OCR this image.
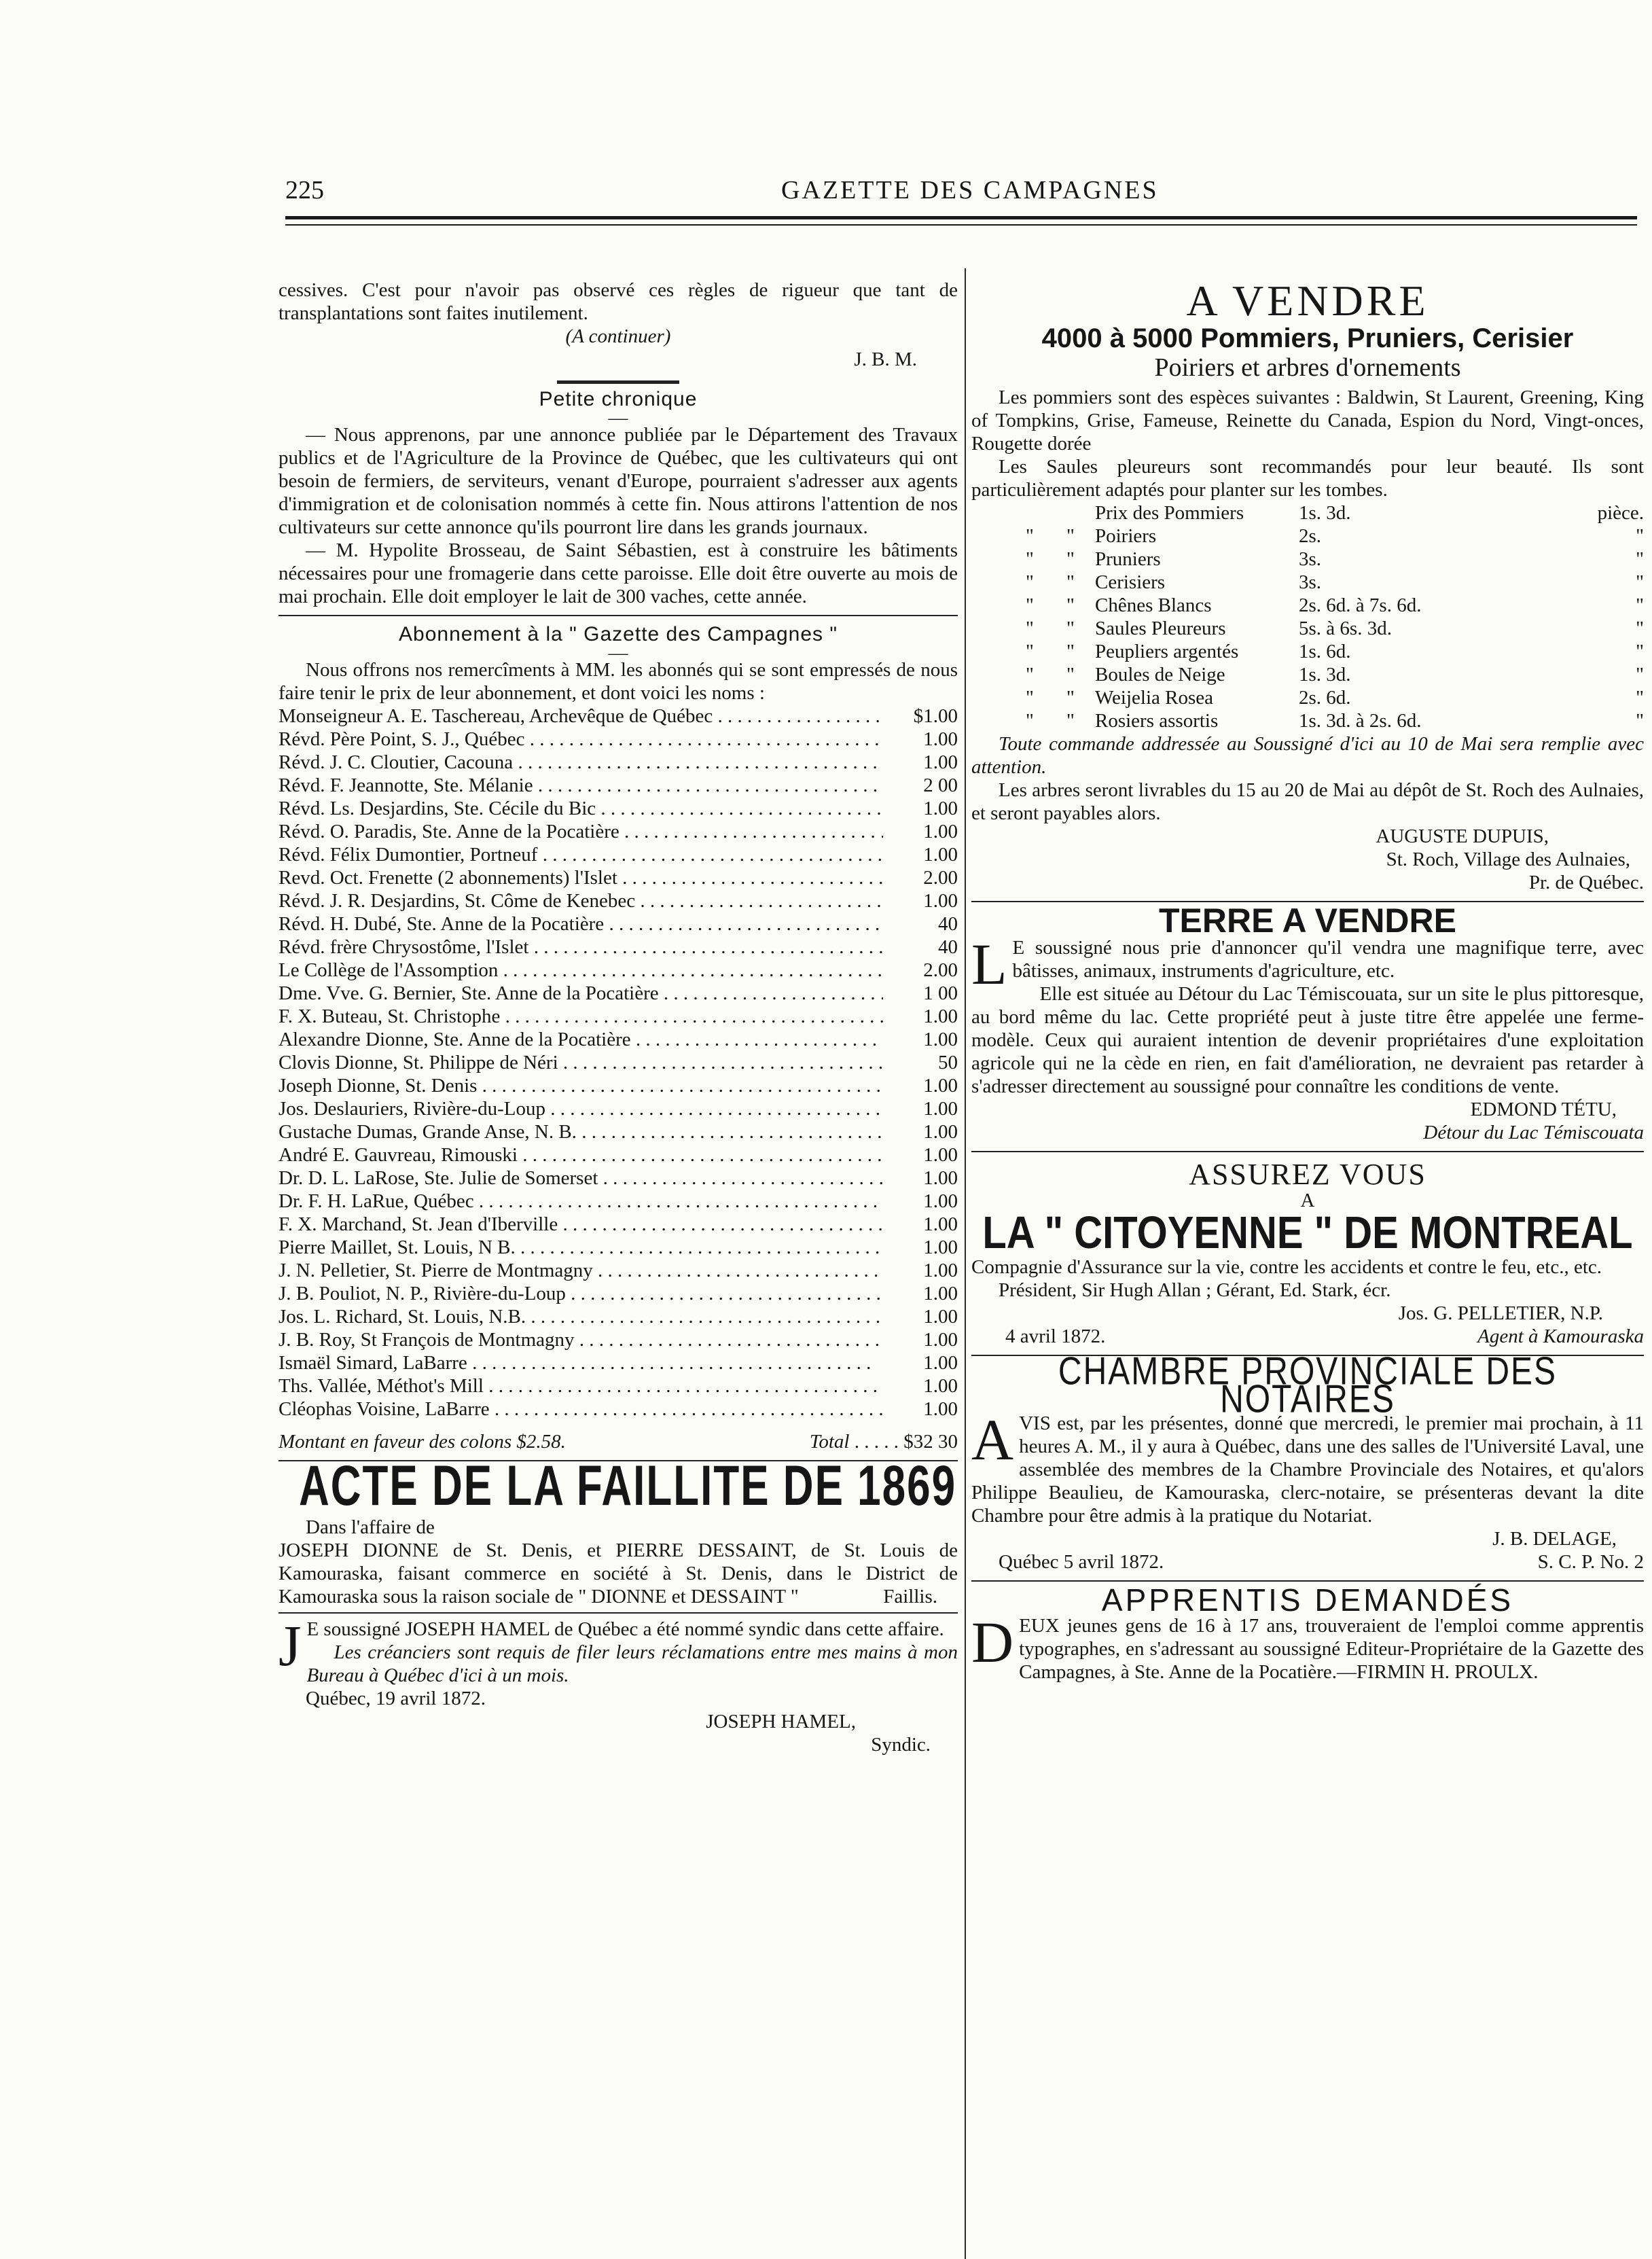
225	GAZETTE DES CAMPAGNES

cessives. C'est pour n'avoir pas observé ces règles de rigueur que tant de transplantations sont faites inutilement.

(A continuer)

J. B. M.

Petite chronique

—

— Nous apprenons, par une annonce publiée par le Département des Travaux publics et de l'Agriculture de la Province de Québec, que les cultivateurs qui ont besoin de fermiers, de serviteurs, venant d'Europe, pourraient s'adresser aux agents d'immigration et de colonisation nommés à cette fin. Nous attirons l'attention de nos cultivateurs sur cette annonce qu'ils pourront lire dans les grands journaux.

— M. Hypolite Brosseau, de Saint Sébastien, est à construire les bâtiments nécessaires pour une fromagerie dans cette paroisse. Elle doit être ouverte au mois de mai prochain. Elle doit employer le lait de 300 vaches, cette année.

Abonnement à la " Gazette des Campagnes "

—

Nous offrons nos remercîments à MM. les abonnés qui se sont empressés de nous faire tenir le prix de leur abonnement, et dont voici les noms :

Monseigneur A. E. Taschereau, Archevêque de Québec . . .	$1.00
Révd. Père Point, S. J., Québec . . .	1.00
Révd. J. C. Cloutier, Cacouna . . .	1.00
Révd. F. Jeannotte, Ste. Mélanie . . .	2 00
Révd. Ls. Desjardins, Ste. Cécile du Bic . . .	1.00
Révd. O. Paradis, Ste. Anne de la Pocatière . . .	1.00
Révd. Félix Dumontier, Portneuf . . .	1.00
Revd. Oct. Frenette (2 abonnements) l'Islet . . .	2.00
Révd. J. R. Desjardins, St. Côme de Kenebec . . .	1.00
Révd. H. Dubé, Ste. Anne de la Pocatière . . .	40
Révd. frère Chrysostôme, l'Islet . . .	40
Le Collège de l'Assomption . . .	2.00
Dme. Vve. G. Bernier, Ste. Anne de la Pocatière . . .	1 00
F. X. Buteau, St. Christophe . . .	1.00
Alexandre Dionne, Ste. Anne de la Pocatière . . .	1.00
Clovis Dionne, St. Philippe de Néri . . .	50
Joseph Dionne, St. Denis . . .	1.00
Jos. Deslauriers, Rivière-du-Loup . . .	1.00
Gustache Dumas, Grande Anse, N. B. . . .	1.00
André E. Gauvreau, Rimouski . . .	1.00
Dr. D. L. LaRose, Ste. Julie de Somerset . . .	1.00
Dr. F. H. LaRue, Québec . . .	1.00
F. X. Marchand, St. Jean d'Iberville . . .	1.00
Pierre Maillet, St. Louis, N B. . . .	1.00
J. N. Pelletier, St. Pierre de Montmagny . . .	1.00
J. B. Pouliot, N. P., Rivière-du-Loup . . .	1.00
Jos. L. Richard, St. Louis, N.B. . . .	1.00
J. B. Roy, St François de Montmagny . . .	1.00
Ismaël Simard, LaBarre . . .	1.00
Ths. Vallée, Méthot's Mill . . .	1.00
Cléophas Voisine, LaBarre . . .	1.00
Montant en faveur des colons $2.58.	Total . . . . . $32 30
ACTE DE LA FAILLITE DE 1869

Dans l'affaire de

JOSEPH DIONNE de St. Denis, et PIERRE DESSAINT, de St. Louis de Kamouraska, faisant commerce en société à St. Denis, dans le District de Kamouraska sous la raison sociale de " DIONNE et DESSAINT "	Faillis.

J E soussigné JOSEPH HAMEL de Québec a été nommé syndic dans cette affaire.

Les créanciers sont requis de filer leurs réclamations entre mes mains à mon Bureau à Québec d'ici à un mois.

Québec, 19 avril 1872.

JOSEPH HAMEL,

Syndic.

A VENDRE

4000 à 5000 Pommiers, Pruniers, Cerisier

Poiriers et arbres d'ornements

Les pommiers sont des espèces suivantes : Baldwin, St Laurent, Greening, King of Tompkins, Grise, Fameuse, Reinette du Canada, Espion du Nord, Vingt-onces, Rougette dorée

Les Saules pleureurs sont recommandés pour leur beauté. Ils sont particulièrement adaptés pour planter sur les tombes.

Prix des Pommiers	1s. 3d.	pièce.
"	"	Poiriers	2s.	"
"	"	Pruniers	3s.	"
"	"	Cerisiers	3s.	"
"	"	Chênes Blancs	2s. 6d. à 7s. 6d.	"
"	"	Saules Pleureurs	5s. à 6s. 3d.	"
"	"	Peupliers argentés	1s. 6d.	"
"	"	Boules de Neige	1s. 3d.	"
"	"	Weijelia Rosea	2s. 6d.	"
"	"	Rosiers assortis	1s. 3d. à 2s. 6d.	"

Toute commande addressée au Soussigné d'ici au 10 de Mai sera remplie avec attention.

Les arbres seront livrables du 15 au 20 de Mai au dépôt de St. Roch des Aulnaies, et seront payables alors.

AUGUSTE DUPUIS,

St. Roch, Village des Aulnaies,

Pr. de Québec.

TERRE A VENDRE

L E soussigné nous prie d'annoncer qu'il vendra une magnifique terre, avec bâtisses, animaux, instruments d'agriculture, etc.

Elle est située au Détour du Lac Témiscouata, sur un site le plus pittoresque, au bord même du lac. Cette propriété peut à juste titre être appelée une ferme-modèle. Ceux qui auraient intention de devenir propriétaires d'une exploitation agricole qui ne la cède en rien, en fait d'amélioration, ne devraient pas retarder à s'adresser directement au soussigné pour connaître les conditions de vente.

EDMOND TÉTU,

Détour du Lac Témiscouata

ASSUREZ VOUS

A

LA " CITOYENNE " DE MONTREAL

Compagnie d'Assurance sur la vie, contre les accidents et contre le feu, etc., etc.

Président, Sir Hugh Allan ; Gérant, Ed. Stark, écr.

Jos. G. PELLETIER, N.P.

4 avril 1872.	Agent à Kamouraska

CHAMBRE PROVINCIALE DES NOTAIRES

AVIS est, par les présentes, donné que mercredi, le premier mai prochain, à 11 heures A. M., il y aura à Québec, dans une des salles de l'Université Laval, une assemblée des membres de la Chambre Provinciale des Notaires, et qu'alors Philippe Beaulieu, de Kamouraska, clerc-notaire, se présenteras devant la dite Chambre pour être admis à la pratique du Notariat.

J. B. DELAGE,

Québec 5 avril 1872.	S. C. P. No. 2

APPRENTIS DEMANDÉS

DEUX jeunes gens de 16 à 17 ans, trouveraient de l'emploi comme apprentis typographes, en s'adressant au soussigné Editeur-Propriétaire de la Gazette des Campagnes, à Ste. Anne de la Pocatière.—FIRMIN H. PROULX.
